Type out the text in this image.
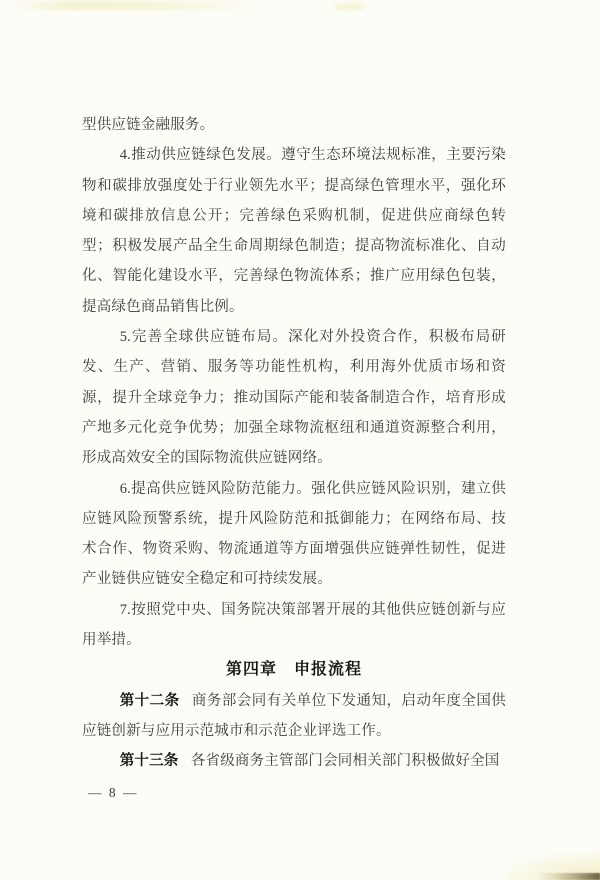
型供应链金融服务。

4.推动供应链绿色发展。遵守生态环境法规标准，主要污染物和碳排放强度处于行业领先水平；提高绿色管理水平，强化环境和碳排放信息公开；完善绿色采购机制，促进供应商绿色转型；积极发展产品全生命周期绿色制造；提高物流标准化、自动化、智能化建设水平，完善绿色物流体系；推广应用绿色包装，提高绿色商品销售比例。

5.完善全球供应链布局。深化对外投资合作，积极布局研发、生产、营销、服务等功能性机构，利用海外优质市场和资源，提升全球竞争力；推动国际产能和装备制造合作，培育形成产地多元化竞争优势；加强全球物流枢纽和通道资源整合利用，形成高效安全的国际物流供应链网络。

6.提高供应链风险防范能力。强化供应链风险识别，建立供应链风险预警系统，提升风险防范和抵御能力；在网络布局、技术合作、物资采购、物流通道等方面增强供应链弹性韧性，促进产业链供应链安全稳定和可持续发展。

7.按照党中央、国务院决策部署开展的其他供应链创新与应用举措。

第四章　申报流程

第十二条 商务部会同有关单位下发通知，启动年度全国供应链创新与应用示范城市和示范企业评选工作。

第十三条 各省级商务主管部门会同相关部门积极做好全国

— 8 —
